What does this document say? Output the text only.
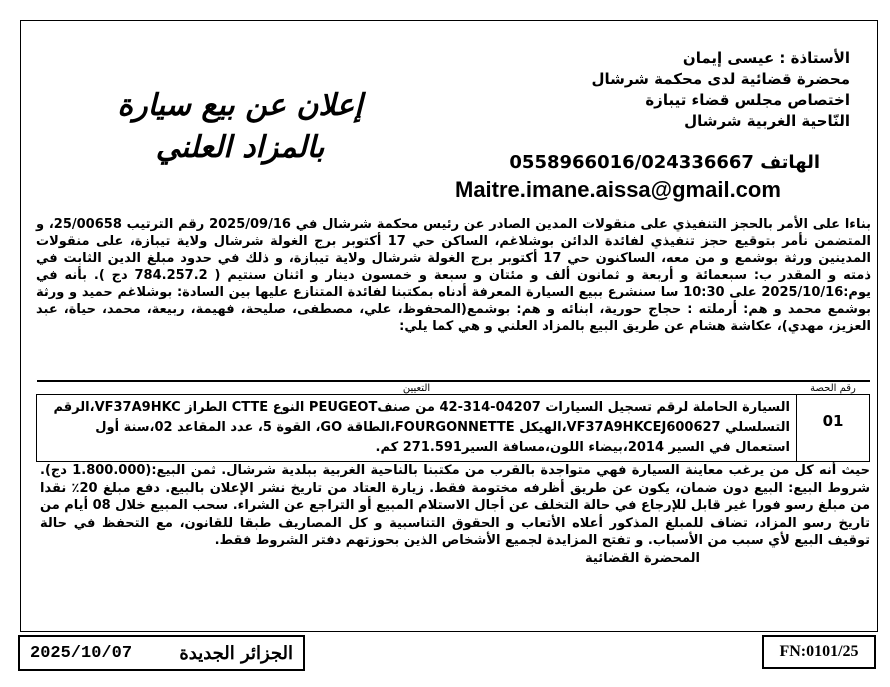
الأستاذة : عيسى إيمان
محضرة قضائية لدى محكمة شرشال
اختصاص مجلس قضاء تيبازة
النّاحية الغربية شرشال
الهاتف 0558966016/024336667
Maitre.imane.aissa@gmail.com
إعلان عن بيع سيارة
بالمزاد العلني
بناءا على الأمر بالحجز التنفيذي على منقولات المدين الصادر عن رئيس محكمة شرشال في 2025/09/16 رقم الترتيب 25/00658، و المتضمن نأمر بتوقيع حجز تنفيذي لفائدة الدائن بوشلاغم، الساكن حي 17 أكتوبر برج الغولة شرشال ولاية تيبازة، على منقولات المدينين ورثة بوشمع و من معه، الساكنون حي 17 أكتوبر برج الغولة شرشال ولاية تيبازة، و ذلك في حدود مبلغ الدين الثابت في ذمته و المقدر ب: سبعمائة و أربعة و ثمانون ألف و مئتان و سبعة و خمسون دينار و اثنان سنتيم ( 784.257.2 دج ). بأنه في يوم:2025/10/16 على 10:30 سا سنشرع ببيع السيارة المعرفة أدناه بمكتبنا لفائدة المتنازع عليها بين السادة: بوشلاغم حميد و ورثة بوشمع محمد و هم: أرملته : حجاج حورية، ابنائه و هم: بوشمع(المحفوظ، علي، مصطفى، صليحة، فهيمة، ربيعة، محمد، حياة، عبد العزيز، مهدي)، عكاشة هشام عن طريق البيع بالمزاد العلني و هي كما يلي:
رقم الحصة	التعيين
01	السيارة الحاملة لرقم تسجيل السيارات 04207-314-42 من صنفPEUGEOT النوع CTTE الطراز VF37A9HKC،الرقم التسلسلي VF37A9HKCEJ600627،الهيكل FOURGONNETTE،الطاقة GO، القوة 5، عدد المقاعد 02،سنة أول استعمال في السير 2014،بيضاء اللون،مسافة السير271.591 كم.
حيث أنه كل من يرغب معاينة السيارة فهي متواجدة بالقرب من مكتبنا بالناحية الغربية ببلدية شرشال. ثمن البيع:(1.800.000 دج). شروط البيع: البيع دون ضمان، يكون عن طريق أظرفه مختومة فقط. زيارة العتاد من تاريخ نشر الإعلان بالبيع. دفع مبلغ 20٪ نقدا من مبلغ رسو فورا غير قابل للإرجاع في حالة التخلف عن أجال الاستلام المبيع أو التراجع عن الشراء. سحب المبيع خلال 08 أيام من تاريخ رسو المزاد، تضاف للمبلغ المذكور أعلاه الأتعاب و الحقوق التناسبية و كل المصاريف طبقا للقانون، مع التحفظ في حالة توقيف البيع لأي سبب من الأسباب. و تفتح المزايدة لجميع الأشخاص الذين بحوزتهم دفتر الشروط فقط.
المحضرة القضائية
2025/10/07	الجزائر الجديدة	FN:0101/25
